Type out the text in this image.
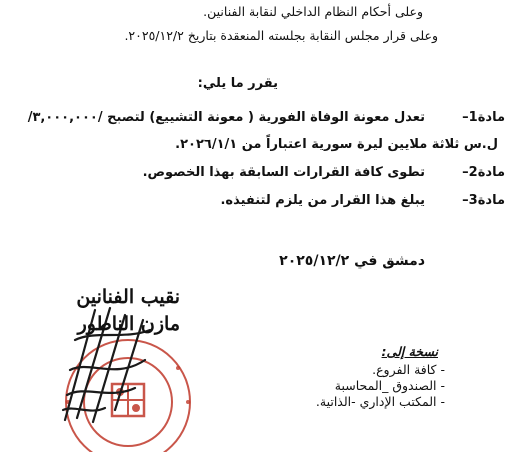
وعلى أحكام النظام الداخلي لنقابة الفنانين.
وعلى قرار مجلس النقابة بجلسته المنعقدة بتاريخ ٢٠٢٥/١٢/٢.
يقرر ما يلي:
مادة1–
تعدل معونة الوفاة الفورية ( معونة التشييع) لتصبح /٣,٠٠٠,٠٠٠/
ل.س ثلاثة ملايين ليرة سورية اعتباراً من ٢٠٢٦/١/١.
مادة2–
تطوى كافة القرارات السابقة بهذا الخصوص.
مادة3–
يبلغ هذا القرار من يلزم لتنفيذه.
دمشق في ٢٠٢٥/١٢/٢
نقيب الفنانين
مازن الناطور
نسخة إلى:
- كافة الفروع.
- الصندوق _المحاسبة
- المكتب الإداري -الذاتية.
